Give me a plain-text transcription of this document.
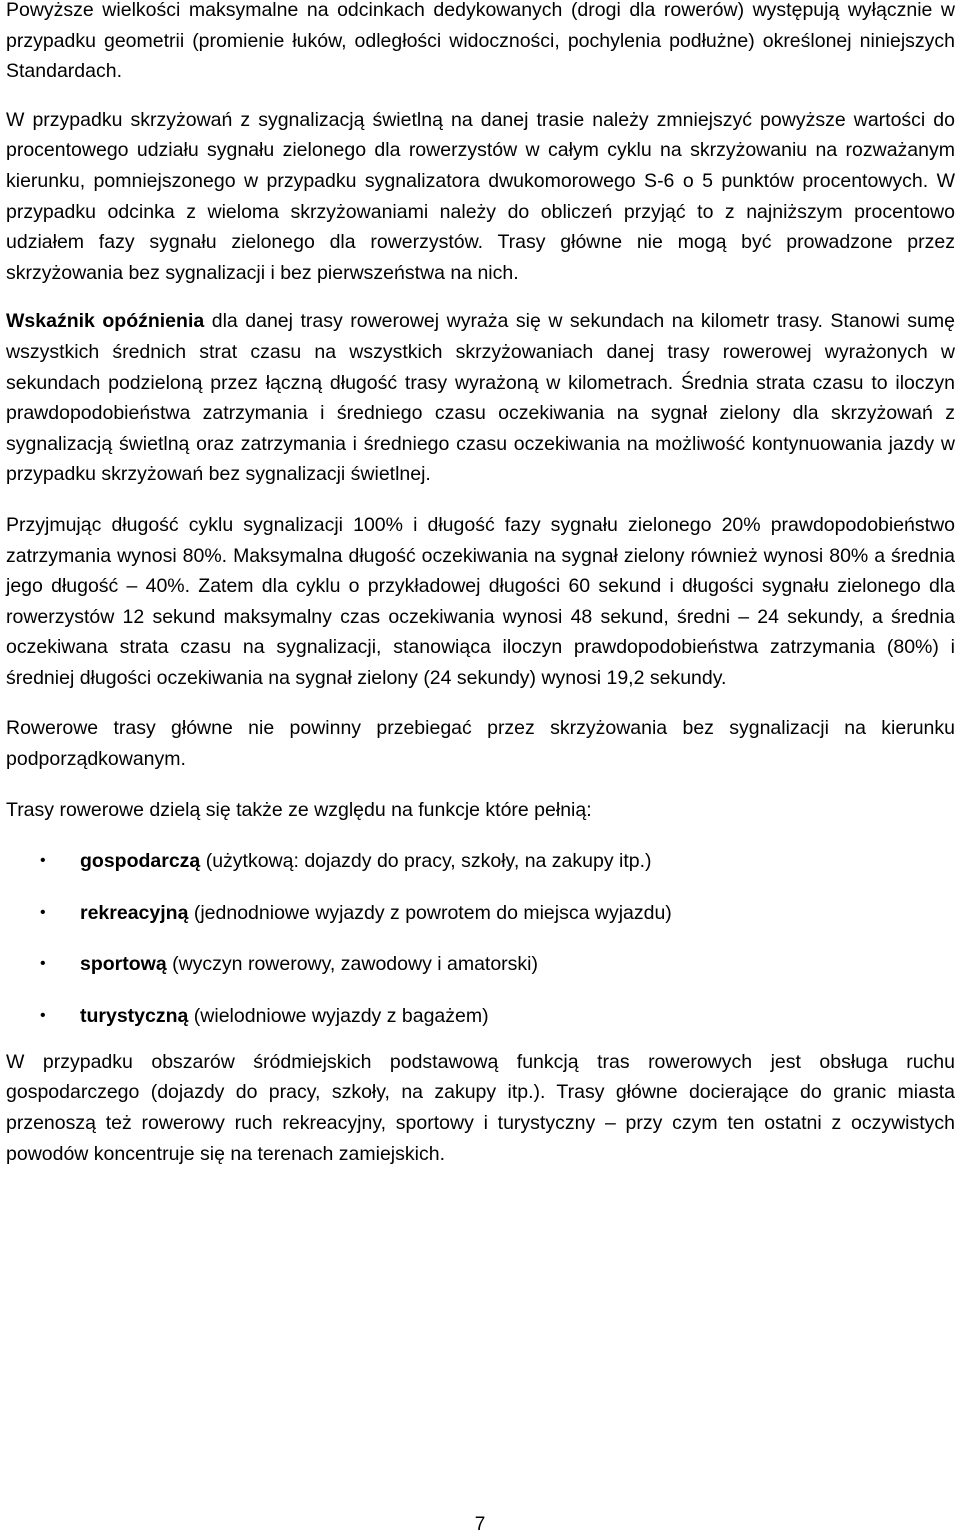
Powyższe wielkości maksymalne na odcinkach dedykowanych (drogi dla rowerów) występują wyłącznie w przypadku geometrii (promienie łuków, odległości widoczności, pochylenia podłużne) określonej niniejszych Standardach.

W przypadku skrzyżowań z sygnalizacją świetlną na danej trasie należy zmniejszyć powyższe wartości do procentowego udziału sygnału zielonego dla rowerzystów w całym cyklu na skrzyżowaniu na rozważanym kierunku, pomniejszonego w przypadku sygnalizatora dwukomorowego S-6 o 5 punktów procentowych. W przypadku odcinka z wieloma skrzyżowaniami należy do obliczeń przyjąć to z najniższym procentowo udziałem fazy sygnału zielonego dla rowerzystów. Trasy główne nie mogą być prowadzone przez skrzyżowania bez sygnalizacji i bez pierwszeństwa na nich.

Wskaźnik opóźnienia dla danej trasy rowerowej wyraża się w sekundach na kilometr trasy. Stanowi sumę wszystkich średnich strat czasu na wszystkich skrzyżowaniach danej trasy rowerowej wyrażonych w sekundach podzieloną przez łączną długość trasy wyrażoną w kilometrach. Średnia strata czasu to iloczyn prawdopodobieństwa zatrzymania i średniego czasu oczekiwania na sygnał zielony dla skrzyżowań z sygnalizacją świetlną oraz zatrzymania i średniego czasu oczekiwania na możliwość kontynuowania jazdy w przypadku skrzyżowań bez sygnalizacji świetlnej.

Przyjmując długość cyklu sygnalizacji 100% i długość fazy sygnału zielonego 20% prawdopodobieństwo zatrzymania wynosi 80%. Maksymalna długość oczekiwania na sygnał zielony również wynosi 80% a średnia jego długość – 40%. Zatem dla cyklu o przykładowej długości 60 sekund i długości sygnału zielonego dla rowerzystów 12 sekund maksymalny czas oczekiwania wynosi 48 sekund, średni – 24 sekundy, a średnia oczekiwana strata czasu na sygnalizacji, stanowiąca iloczyn prawdopodobieństwa zatrzymania (80%) i średniej długości oczekiwania na sygnał zielony (24 sekundy) wynosi 19,2 sekundy.

Rowerowe trasy główne nie powinny przebiegać przez skrzyżowania bez sygnalizacji na kierunku podporządkowanym.

Trasy rowerowe dzielą się także ze względu na funkcje które pełnią:

• gospodarczą (użytkową: dojazdy do pracy, szkoły, na zakupy itp.)
• rekreacyjną (jednodniowe wyjazdy z powrotem do miejsca wyjazdu)
• sportową (wyczyn rowerowy, zawodowy i amatorski)
• turystyczną (wielodniowe wyjazdy z bagażem)

W przypadku obszarów śródmiejskich podstawową funkcją tras rowerowych jest obsługa ruchu gospodarczego (dojazdy do pracy, szkoły, na zakupy itp.). Trasy główne docierające do granic miasta przenoszą też rowerowy ruch rekreacyjny, sportowy i turystyczny – przy czym ten ostatni z oczywistych powodów koncentruje się na terenach zamiejskich.

7
